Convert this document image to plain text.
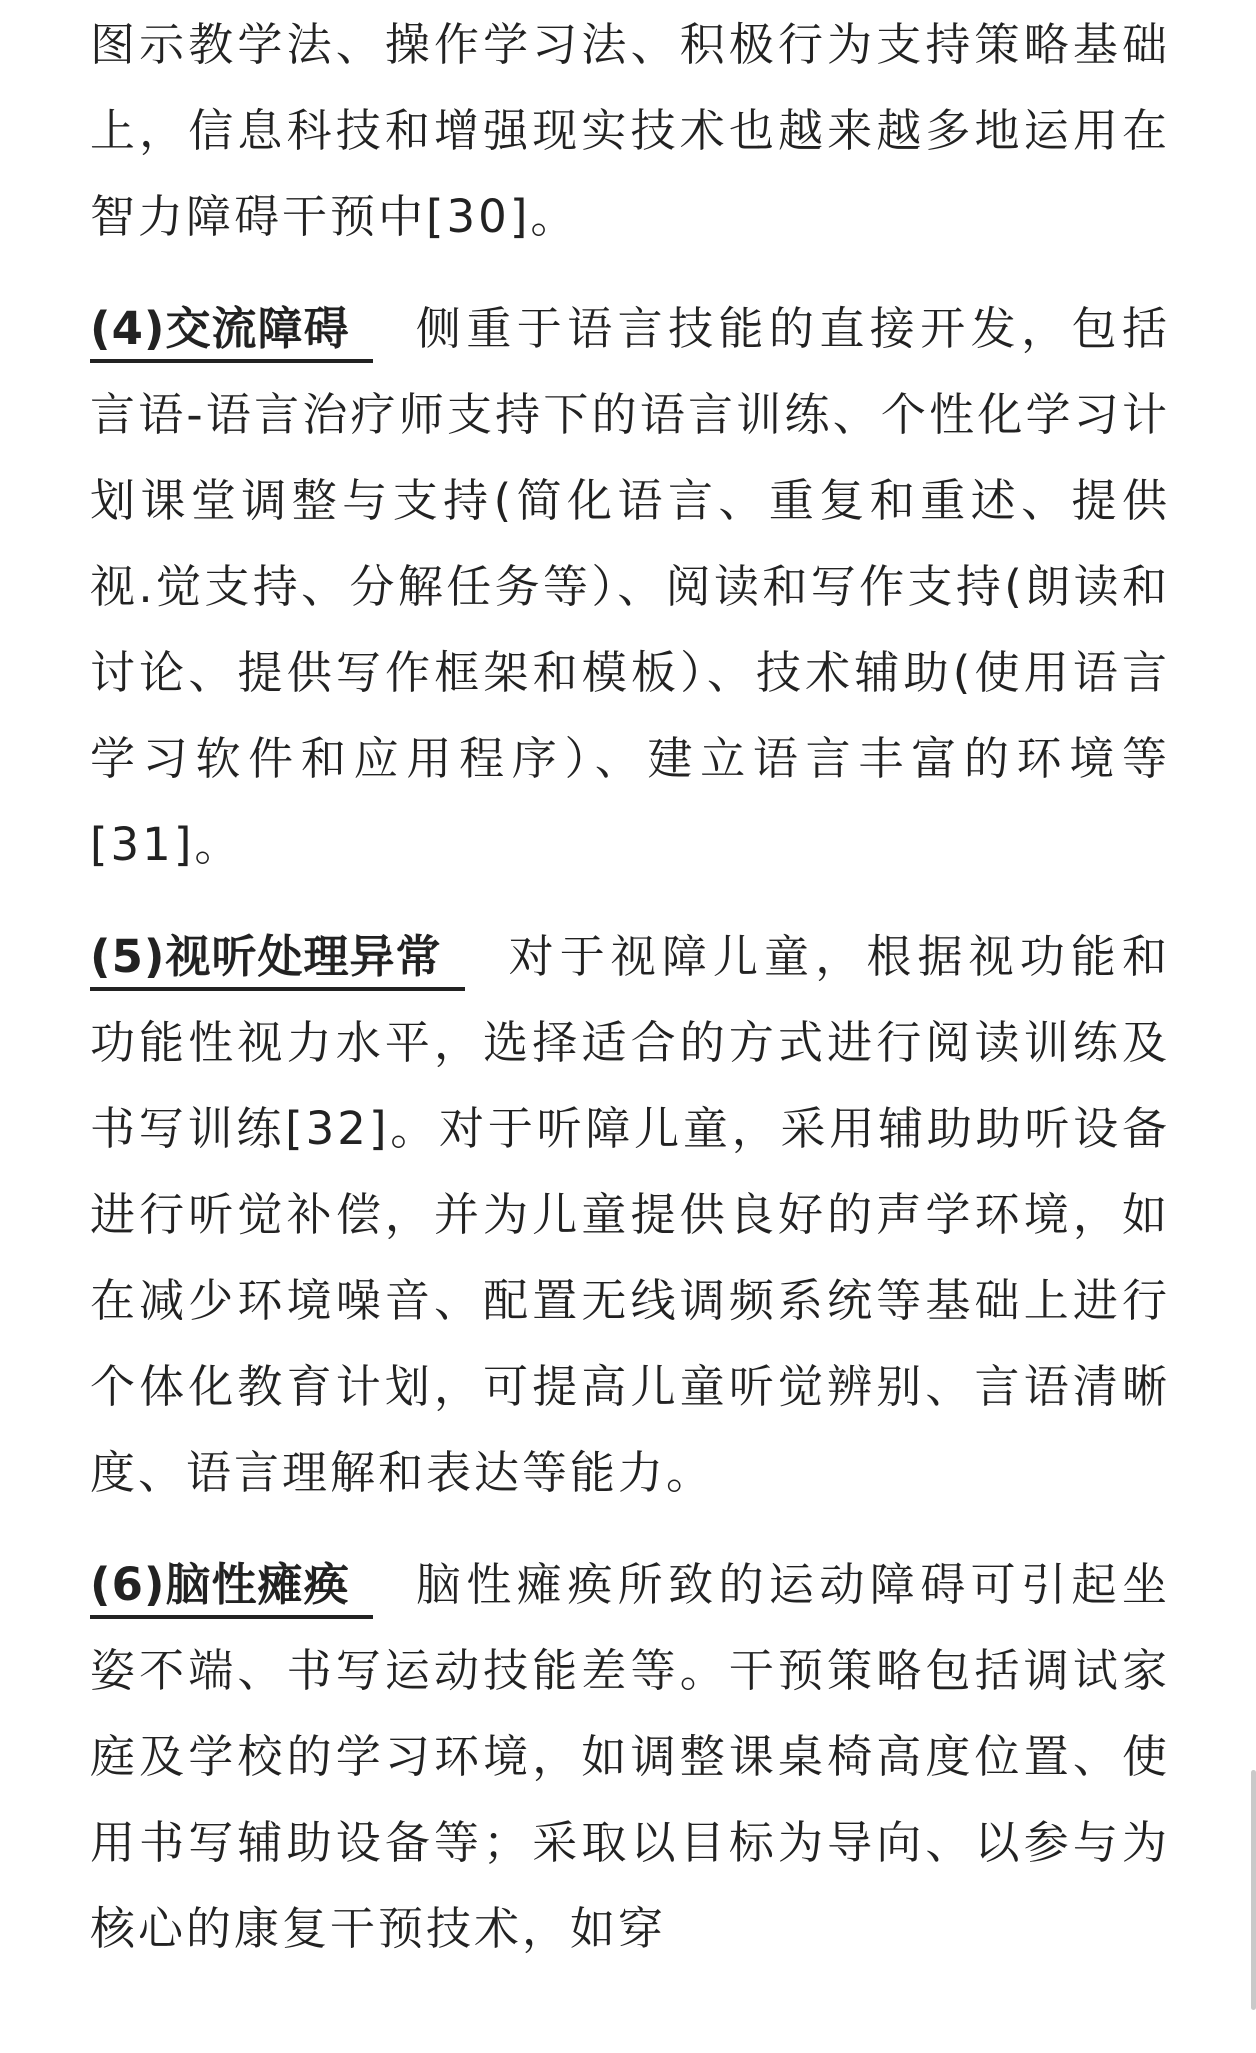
图示教学法、操作学习法、积极行为支持策略基础上，信息科技和增强现实技术也越来越多地运用在智力障碍干预中[30]。

(4)交流障碍 侧重于语言技能的直接开发，包括言语-语言治疗师支持下的语言训练、个性化学习计划课堂调整与支持(简化语言、重复和重述、提供视.觉支持、分解任务等）、阅读和写作支持(朗读和讨论、提供写作框架和模板）、技术辅助(使用语言学习软件和应用程序）、建立语言丰富的环境等[31]。

(5)视听处理异常 对于视障儿童，根据视功能和功能性视力水平，选择适合的方式进行阅读训练及书写训练[32]。对于听障儿童，采用辅助助听设备进行听觉补偿，并为儿童提供良好的声学环境，如在减少环境噪音、配置无线调频系统等基础上进行个体化教育计划，可提高儿童听觉辨别、言语清晰度、语言理解和表达等能力。

(6)脑性瘫痪 脑性瘫痪所致的运动障碍可引起坐姿不端、书写运动技能差等。干预策略包括调试家庭及学校的学习环境，如调整课桌椅高度位置、使用书写辅助设备等；采取以目标为导向、以参与为核心的康复干预技术，如穿
